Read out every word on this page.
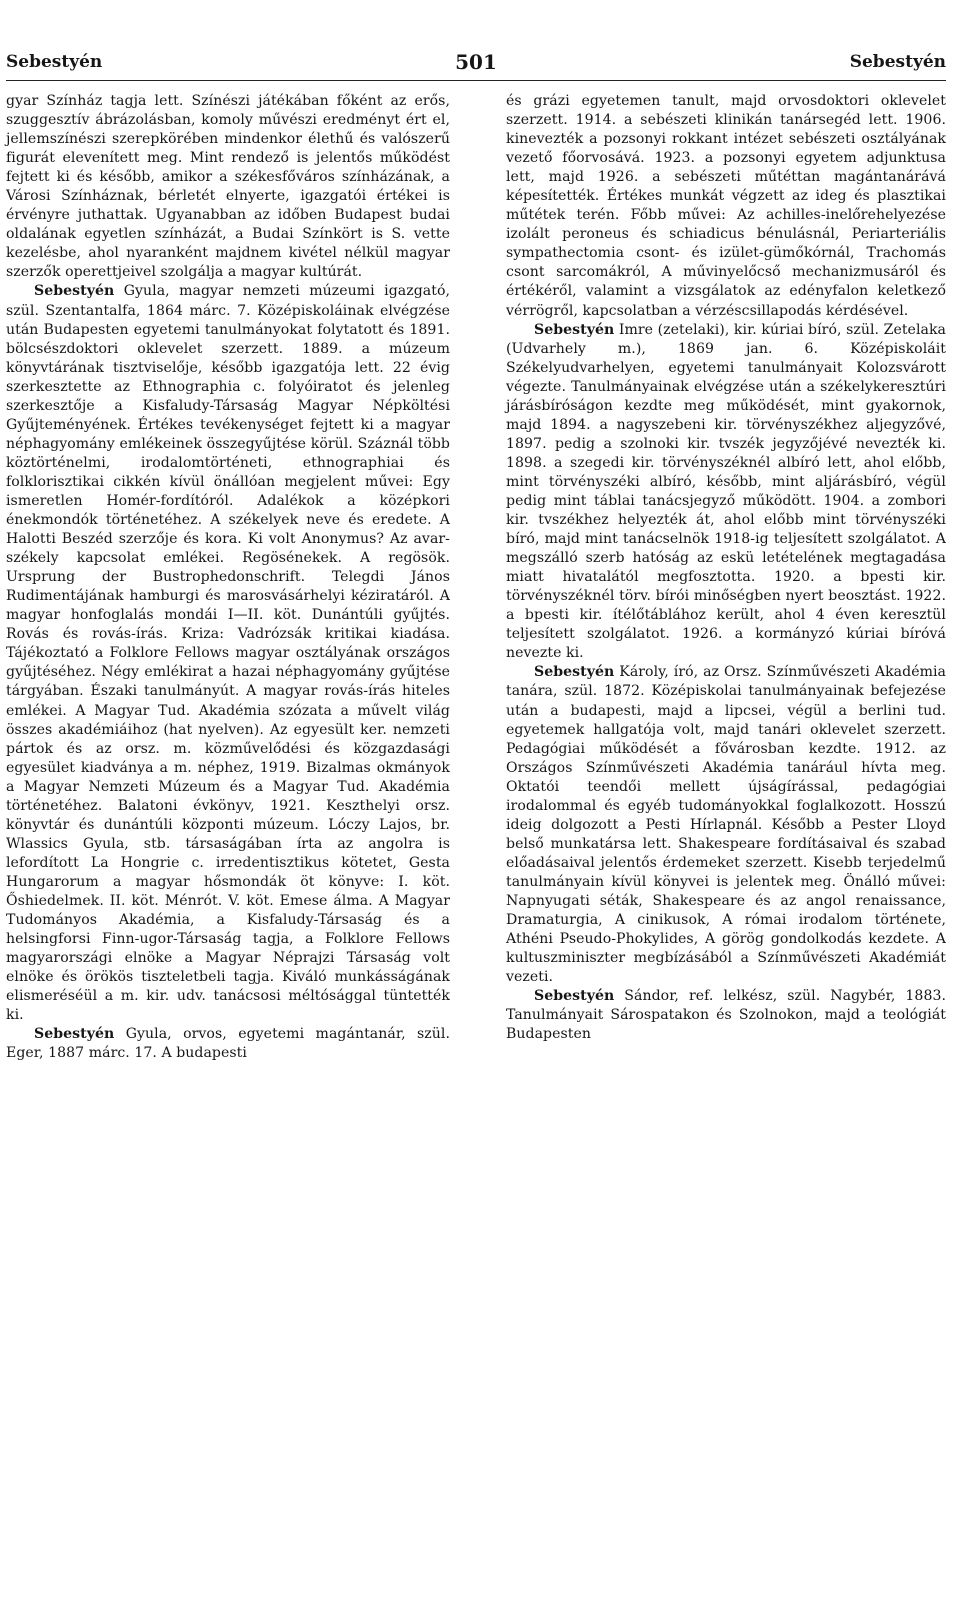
Sebestyén	501	Sebestyén

gyar Színház tagja lett. Színészi játékában főként az erős, szuggesztív ábrázolásban, komoly művészi eredményt ért el, jellemszínészi szerepkörében mindenkor élethű és valószerű figurát elevenített meg. Mint rendező is jelentős működést fejtett ki és később, amikor a székesfőváros színházának, a Városi Színháznak, bérletét elnyerte, igazgatói értékei is érvényre juthattak. Ugyanabban az időben Budapest budai oldalának egyetlen színházát, a Budai Színkört is S. vette kezelésbe, ahol nyaranként majdnem kivétel nélkül magyar szerzők operettjeivel szolgálja a magyar kultúrát.

Sebestyén Gyula, magyar nemzeti múzeumi igazgató, szül. Szentantalfa, 1864 márc. 7. Középiskoláinak elvégzése után Budapesten egyetemi tanulmányokat folytatott és 1891. bölcsészdoktori oklevelet szerzett. 1889. a múzeum könyvtárának tisztviselője, később igazgatója lett. 22 évig szerkesztette az Ethnographia c. folyóiratot és jelenleg szerkesztője a Kisfaludy-Társaság Magyar Népköltési Gyűjteményének. Értékes tevékenységet fejtett ki a magyar néphagyomány emlékeinek összegyűjtése körül. Száznál több köztörténelmi, irodalomtörténeti, ethnographiai és folklorisztikai cikkén kívül önállóan megjelent művei: Egy ismeretlen Homér-fordítóról. Adalékok a középkori énekmondók történetéhez. A székelyek neve és eredete. A Halotti Beszéd szerzője és kora. Ki volt Anonymus? Az avar-székely kapcsolat emlékei. Regösénekek. A regösök. Ursprung der Bustrophedonschrift. Telegdi János Rudimentájának hamburgi és marosvásárhelyi kéziratáról. A magyar honfoglalás mondái I—II. köt. Dunántúli gyűjtés. Rovás és rovás-írás. Kriza: Vadrózsák kritikai kiadása. Tájékoztató a Folklore Fellows magyar osztályának országos gyűjtéséhez. Négy emlékirat a hazai néphagyomány gyűjtése tárgyában. Északi tanulmányút. A magyar rovás-írás hiteles emlékei. A Magyar Tud. Akadémia szózata a művelt világ összes akadémiáihoz (hat nyelven). Az egyesült ker. nemzeti pártok és az orsz. m. közművelődési és közgazdasági egyesület kiadványa a m. néphez, 1919. Bizalmas okmányok a Magyar Nemzeti Múzeum és a Magyar Tud. Akadémia történetéhez. Balatoni évkönyv, 1921. Keszthelyi orsz. könyvtár és dunántúli központi múzeum. Lóczy Lajos, br. Wlassics Gyula, stb. társaságában írta az angolra is lefordított La Hongrie c. irredentisztikus kötetet, Gesta Hungarorum a magyar hősmondák öt könyve: I. köt. Őshiedelmek. II. köt. Ménrót. V. köt. Emese álma. A Magyar Tudományos Akadémia, a Kisfaludy-Társaság és a helsingforsi Finn-ugor-Társaság tagja, a Folklore Fellows magyarországi elnöke a Magyar Néprajzi Társaság volt elnöke és örökös tiszteletbeli tagja. Kiváló munkásságának elismeréséül a m. kir. udv. tanácsosi méltósággal tüntették ki.

Sebestyén Gyula, orvos, egyetemi magántanár, szül. Eger, 1887 márc. 17. A budapesti

és grázi egyetemen tanult, majd orvosdoktori oklevelet szerzett. 1914. a sebészeti klinikán tanársegéd lett. 1906. kinevezték a pozsonyi rokkant intézet sebészeti osztályának vezető főorvosává. 1923. a pozsonyi egyetem adjunktusa lett, majd 1926. a sebészeti műtéttan magántanárává képesítették. Értékes munkát végzett az ideg és plasztikai műtétek terén. Főbb művei: Az achilles-inelőrehelyezése izolált peroneus és schiadicus bénulásnál, Periarteriális sympathectomia csont- és izület-gümőkórnál, Trachomás csont sarcomákról, A művinyelőcső mechanizmusáról és értékéről, valamint a vizsgálatok az edényfalon keletkező vérrögről, kapcsolatban a vérzéscsillapodás kérdésével.

Sebestyén Imre (zetelaki), kir. kúriai bíró, szül. Zetelaka (Udvarhely m.), 1869 jan. 6. Középiskoláit Székelyudvarhelyen, egyetemi tanulmányait Kolozsvárott végezte. Tanulmányainak elvégzése után a székelykeresztúri járásbíróságon kezdte meg működését, mint gyakornok, majd 1894. a nagyszebeni kir. törvényszékhez aljegyzővé, 1897. pedig a szolnoki kir. tvszék jegyzőjévé nevezték ki. 1898. a szegedi kir. törvényszéknél albíró lett, ahol előbb, mint törvényszéki albíró, később, mint aljárásbíró, végül pedig mint táblai tanácsjegyző működött. 1904. a zombori kir. tvszékhez helyezték át, ahol előbb mint törvényszéki bíró, majd mint tanácselnök 1918-ig teljesített szolgálatot. A megszálló szerb hatóság az eskü letételének megtagadása miatt hivatalától megfosztotta. 1920. a bpesti kir. törvényszéknél törv. bírói minőségben nyert beosztást. 1922. a bpesti kir. ítélőtáblához került, ahol 4 éven keresztül teljesített szolgálatot. 1926. a kormányzó kúriai bíróvá nevezte ki.

Sebestyén Károly, író, az Orsz. Színművészeti Akadémia tanára, szül. 1872. Középiskolai tanulmányainak befejezése után a budapesti, majd a lipcsei, végül a berlini tud. egyetemek hallgatója volt, majd tanári oklevelet szerzett. Pedagógiai működését a fővárosban kezdte. 1912. az Országos Színművészeti Akadémia tanárául hívta meg. Oktatói teendői mellett újságírással, pedagógiai irodalommal és egyéb tudományokkal foglalkozott. Hosszú ideig dolgozott a Pesti Hírlapnál. Később a Pester Lloyd belső munkatársa lett. Shakespeare fordításaival és szabad előadásaival jelentős érdemeket szerzett. Kisebb terjedelmű tanulmányain kívül könyvei is jelentek meg. Önálló művei: Napnyugati séták, Shakespeare és az angol renaissance, Dramaturgia, A cinikusok, A római irodalom története, Athéni Pseudo-Phokylides, A görög gondolkodás kezdete. A kultuszminiszter megbízásából a Színművészeti Akadémiát vezeti.

Sebestyén Sándor, ref. lelkész, szül. Nagybér, 1883. Tanulmányait Sárospatakon és Szolnokon, majd a teológiát Budapesten
